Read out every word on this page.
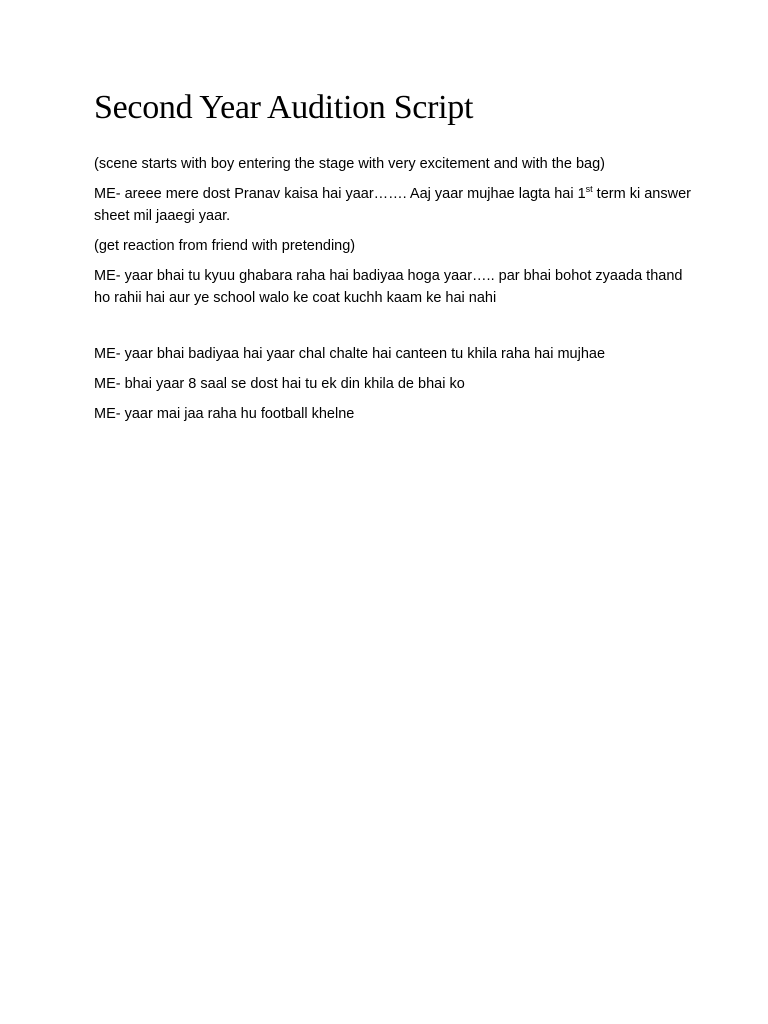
Second Year Audition Script

(scene starts with boy entering the stage with very excitement and with the bag)

ME- areee mere dost Pranav kaisa hai yaar……. Aaj yaar mujhae lagta hai 1st term ki answer sheet mil jaaegi yaar.

(get reaction from friend with pretending)

ME- yaar bhai tu kyuu ghabara raha hai badiyaa hoga yaar….. par bhai bohot zyaada thand ho rahii hai aur ye school walo ke coat kuchh kaam ke hai nahi

ME- yaar bhai badiyaa hai yaar chal chalte hai canteen tu khila raha hai mujhae

ME- bhai yaar 8 saal se dost hai tu ek din khila de bhai ko

ME- yaar mai jaa raha hu football khelne
